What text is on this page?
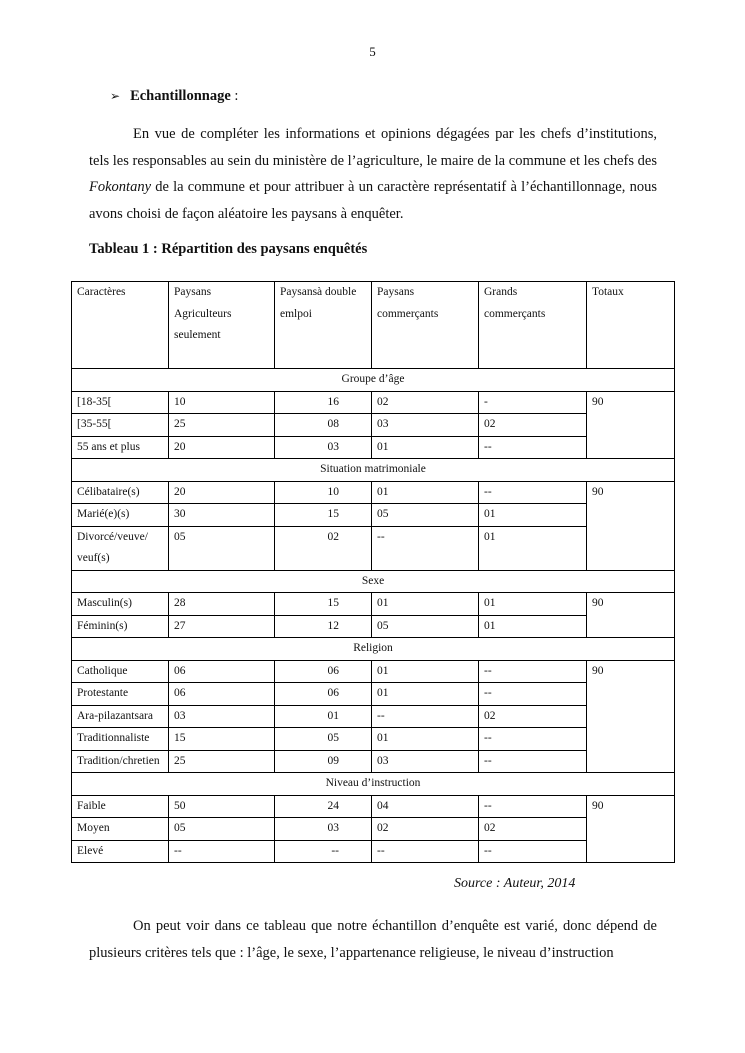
5
➢ Echantillonnage :

En vue de compléter les informations et opinions dégagées par les chefs d’institutions, tels les responsables au sein du ministère de l’agriculture, le maire de la commune et les chefs des Fokontany de la commune et pour attribuer à un caractère représentatif à l’échantillonnage, nous avons choisi de façon aléatoire les paysans à enquêter.

Tableau 1 : Répartition des paysans enquêtés
Caractères	Paysans Agriculteurs seulement	Paysansà double emlpoi	Paysans commerçants	Grands commerçants	Totaux
Groupe d’âge					
[18-35[	10	16	02	-	90
[35-55[	25	08	03	02	
55 ans et plus	20	03	01	--	
Situation matrimoniale					
Célibataire(s)	20	10	01	--	90
Marié(e)(s)	30	15	05	01	
Divorcé/veuve/ veuf(s)	05	02	--	01	
Sexe					
Masculin(s)	28	15	01	01	90
Féminin(s)	27	12	05	01	
Religion					
Catholique	06	06	01	--	90
Protestante	06	06	01	--	
Ara-pilazantsara	03	01	--	02	
Traditionnaliste	15	05	01	--	
Tradition/chretien	25	09	03	--	
Niveau d’instruction					
Faible	50	24	04	--	90
Moyen	05	03	02	02	
Elevé	--	--	--	--	
Source : Auteur, 2014

On peut voir dans ce tableau que notre échantillon d’enquête est varié, donc dépend de plusieurs critères tels que : l’âge, le sexe, l’appartenance religieuse, le niveau d’instruction
